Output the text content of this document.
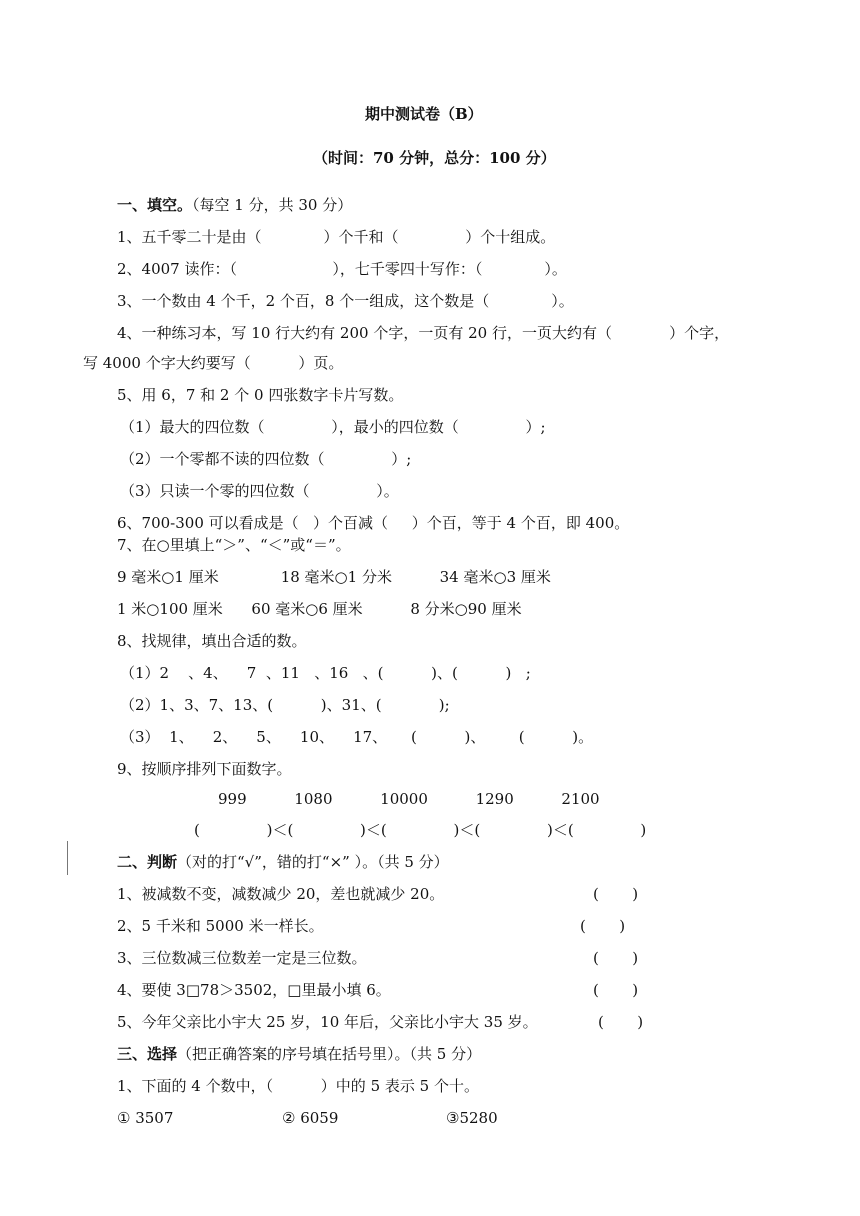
期中测试卷（B）
（时间：70 分钟，总分：100 分）
一、填空。（每空 1 分，共 30 分）
1、五千零二十是由（             ）个千和（              ）个十组成。
2、4007 读作：（                    ），七千零四十写作：（             ）。
3、一个数由 4 个千，2 个百，8 个一组成，这个数是（             ）。
4、一种练习本，写 10 行大约有 200 个字，一页有 20 行，一页大约有（            ）个字，
写 4000 个字大约要写（          ）页。
5、用 6，7 和 2 个 0 四张数字卡片写数。
（1）最大的四位数（              ），最小的四位数（              ）;
（2）一个零都不读的四位数（              ）;
（3）只读一个零的四位数（              ）。
6、700-300 可以看成是（   ）个百减（     ）个百，等于 4 个百，即 400。
7、在○里填上“＞”、“＜”或“＝”。
9 毫米○1 厘米             18 毫米○1 分米          34 毫米○3 厘米
1 米○100 厘米      60 毫米○6 厘米          8 分米○90 厘米
8、找规律，填出合适的数。
（1）2    、4、    7  、11   、16   、(          )、(          )   ;
（2）1、3、7、13、(          )、31、(            );
（3）  1、    2、    5、    10、    17、     (          )、       (          )。
9、按顺序排列下面数字。
999          1080          10000          1290          2100
(              )＜(              )＜(              )＜(              )＜(              )
二、判断（对的打“√”，错的打“×” ）。（共 5 分）
1、被减数不变，减数减少 20，差也就减少 20。	(       )
2、5 千米和 5000 米一样长。	(       )
3、三位数减三位数差一定是三位数。	(       )
4、要使 3□78＞3502，□里最小填 6。	(       )
5、今年父亲比小宇大 25 岁，10 年后，父亲比小宇大 35 岁。	(       )
三、选择（把正确答案的序号填在括号里）。（共 5 分）
1、下面的 4 个数中，（          ）中的 5 表示 5 个十。
① 3507	② 6059	③5280
